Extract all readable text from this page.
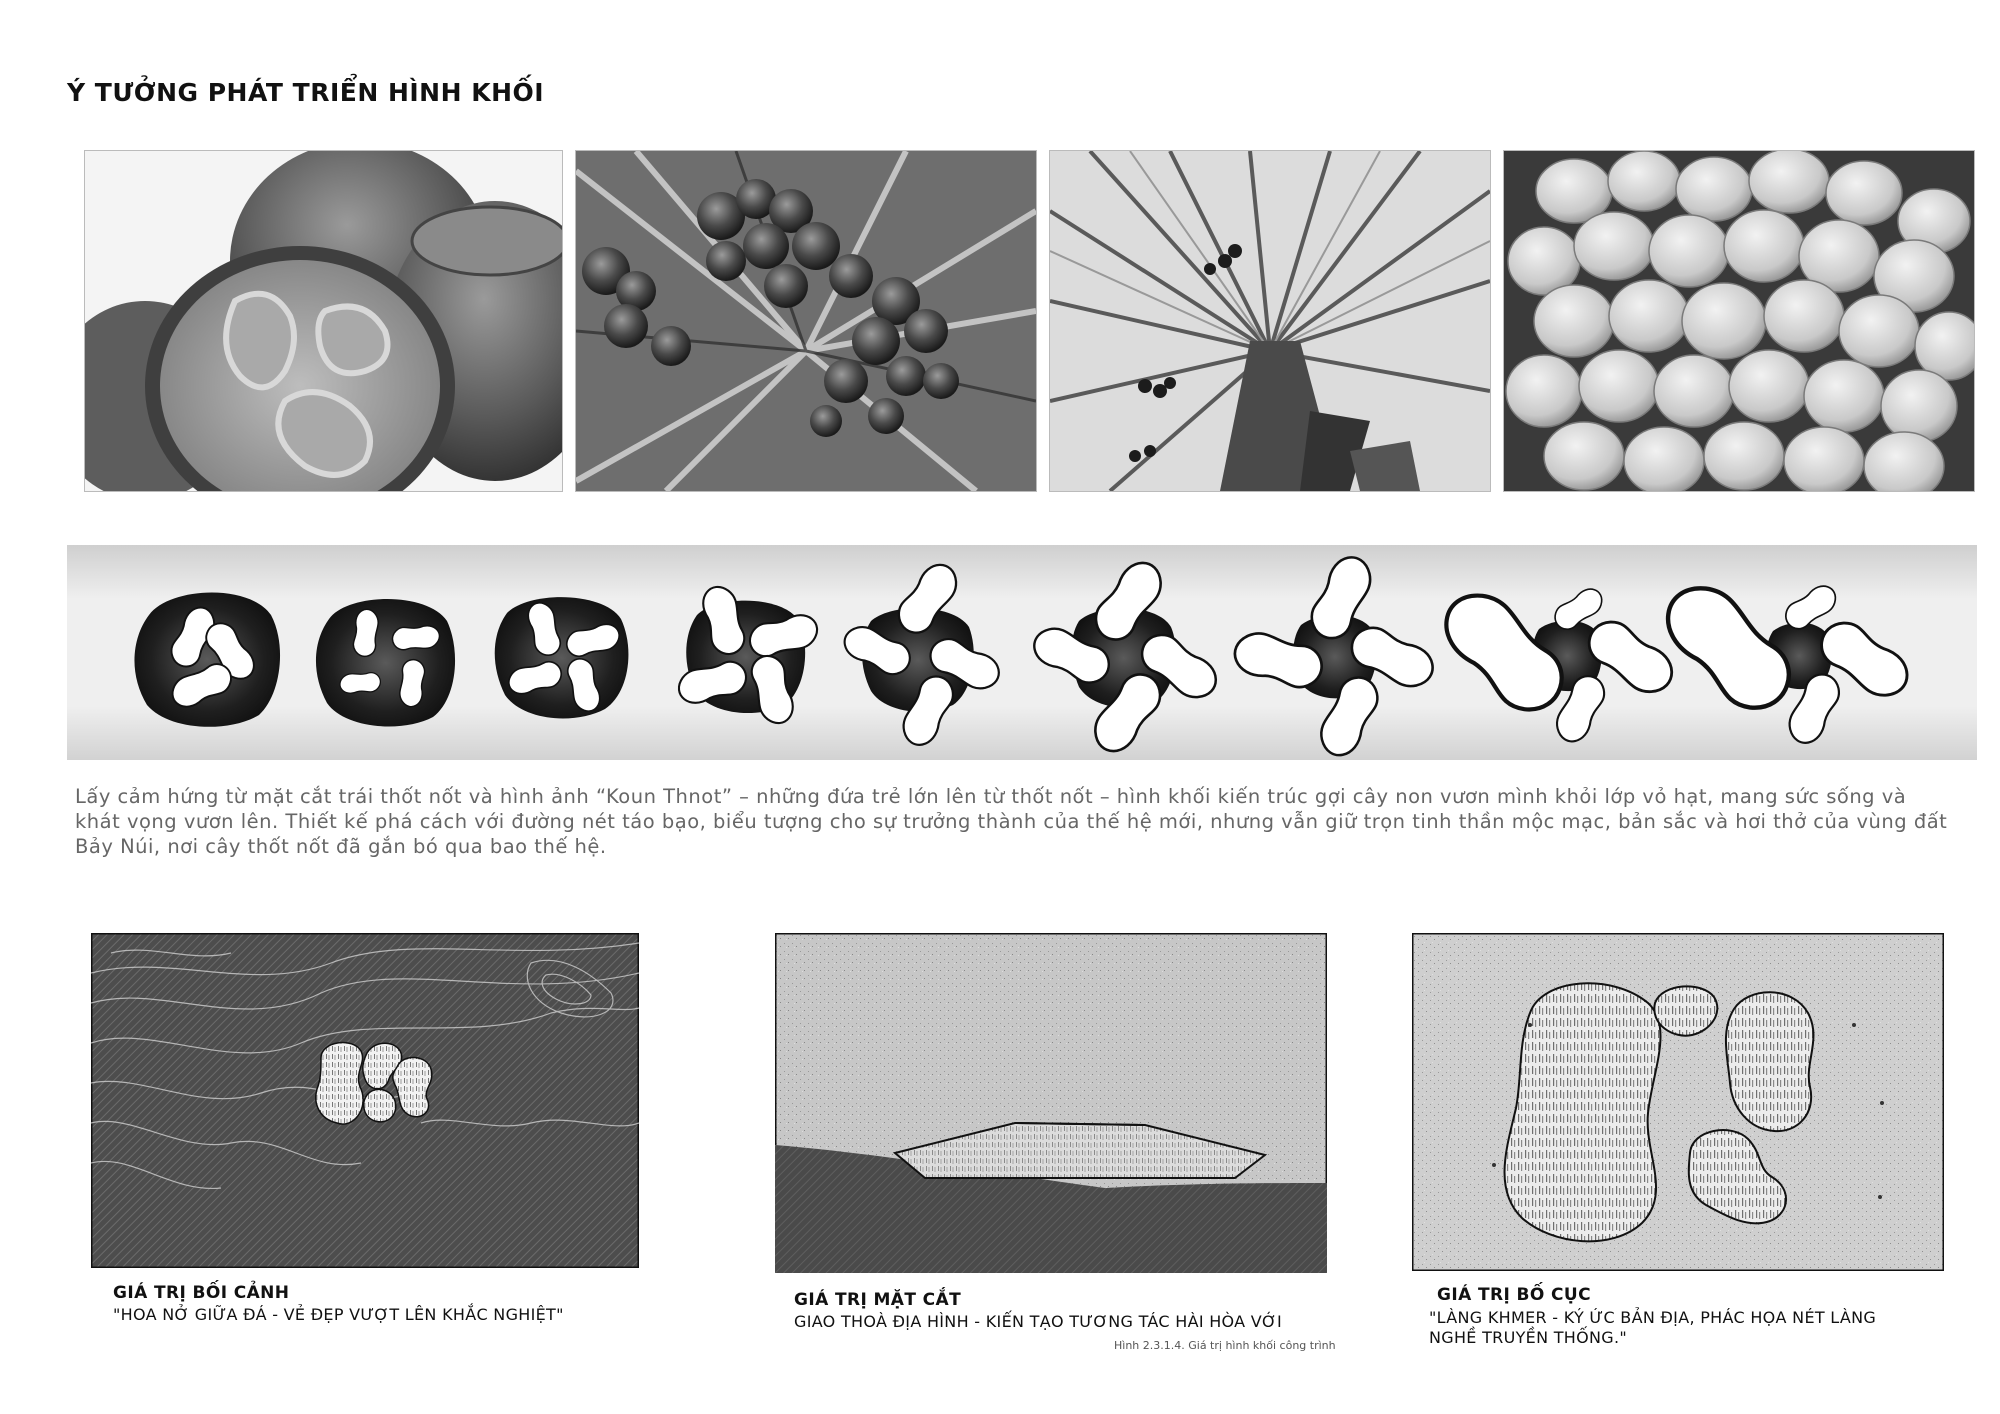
Ý TƯỞNG PHÁT TRIỂN HÌNH KHỐI
Lấy cảm hứng từ mặt cắt trái thốt nốt và hình ảnh “Koun Thnot” – những đứa trẻ lớn lên từ thốt nốt – hình khối kiến trúc gợi cây non vươn mình khỏi lớp vỏ hạt, mang sức sống và khát vọng vươn lên. Thiết kế phá cách với đường nét táo bạo, biểu tượng cho sự trưởng thành của thế hệ mới, nhưng vẫn giữ trọn tinh thần mộc mạc, bản sắc và hơi thở của vùng đất Bảy Núi, nơi cây thốt nốt đã gắn bó qua bao thế hệ.
GIÁ TRỊ BỐI CẢNH
"HOA NỞ GIỮA ĐÁ - VẺ ĐẸP VƯỢT LÊN KHẮC NGHIỆT"
GIÁ TRỊ MẶT CẮT
GIAO THOÀ ĐỊA HÌNH - KIẾN TẠO TƯƠNG TÁC HÀI HÒA VỚI
Hình 2.3.1.4. Giá trị hình khối công trình
GIÁ TRỊ BỐ CỤC
"LÀNG KHMER - KÝ ỨC BẢN ĐỊA, PHÁC HỌA NÉT LÀNG NGHỀ TRUYỀN THỐNG."
